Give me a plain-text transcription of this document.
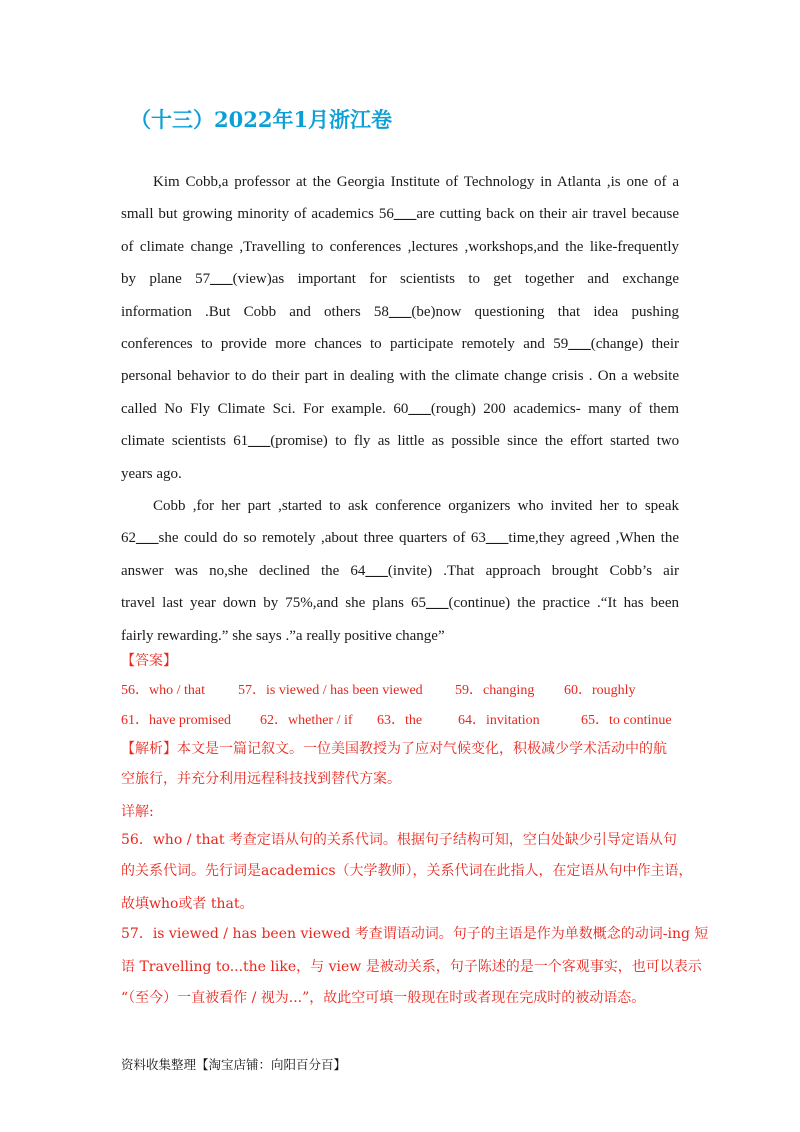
（十三）2022年1月浙江卷

Kim Cobb,a professor at the Georgia Institute of Technology in Atlanta ,is one of a

small but growing minority of academics 56___are cutting back on their air travel because

of climate change ,Travelling to conferences ,lectures ,workshops,and the like-frequently

by plane 57___(view)as important for scientists to get together and exchange

information .But Cobb and others 58___(be)now questioning that idea pushing

conferences to provide more chances to participate remotely and 59___(change) their

personal behavior to do their part in dealing with the climate change crisis . On a website

called No Fly Climate Sci. For example. 60___(rough) 200 academics- many of them

climate scientists 61___(promise) to fly as little as possible since the effort started two

years ago.

Cobb ,for her part ,started to ask conference organizers who invited her to speak

62___she could do so remotely ,about three quarters of 63___time,they agreed ,When the

answer was no,she declined the 64___(invite) .That approach brought Cobb’s air

travel last year down by 75%,and she plans 65___(continue) the practice .“It has been

fairly rewarding.” she says .”a really positive change”

【答案】
56．who / that	57．is viewed / has been viewed	59．changing	60．roughly
61．have promised	62．whether / if	63．the	64．invitation	65．to continue
【解析】本文是一篇记叙文。一位美国教授为了应对气候变化，积极减少学术活动中的航
空旅行，并充分利用远程科技找到替代方案。
详解:
56．who / that 考查定语从句的关系代词。根据句子结构可知，空白处缺少引导定语从句
的关系代词。先行词是academics（大学教师），关系代词在此指人，在定语从句中作主语，
故填who或者 that。
57．is viewed / has been viewed 考查谓语动词。句子的主语是作为单数概念的动词-ing 短
语 Travelling to...the like，与 view 是被动关系，句子陈述的是一个客观事实，也可以表示
“（至今）一直被看作 / 视为...”，故此空可填一般现在时或者现在完成时的被动语态。
资料收集整理【淘宝店铺：向阳百分百】
